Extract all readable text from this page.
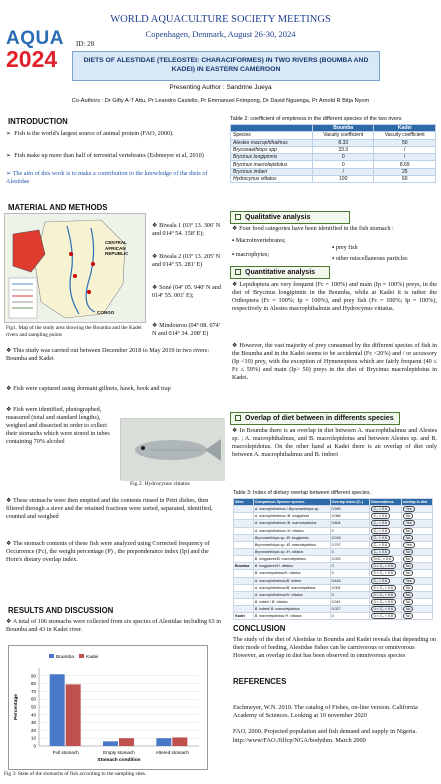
AQUA
2024
WORLD AQUACULTURE SOCIETY MEETINGS
Copenhagen, Denmark, August 26-30, 2024
ID: 28
DIETS OF ALESTIDAE (TELEOSTEI: CHARACIFORMES) IN TWO RIVERS (BOUMBA AND
KADEI) IN EASTERN CAMEROON
Presenting Author : Sandrine Jueya
Co-Authors : Dr Gifty A-T Attu, Pr Leandro Castello, Pr Emmanuel Frimpong, Dr David Nguenga, Pr Arnold R Bitja Nyom
INTRODUCTION
➢  Fish is the world's largest source of animal protein (FAO, 2000).
➢  Fish make up more than half of terrestrial vertebrates (Eshmeyer et al, 2010)
➢ The aim of this work is to make a contribution to the knowledge of the diets of Alestidae
MATERIAL AND METHODS
CENTRAL AFRICAN REPUBLIC
CONGO
❖ Biwala 1 (03º 13. 306' N and 014º 54. 158' E);
❖ Biwala 2 (03º 13. 205' N and 014º 55. 281' E)
❖ Soné (04º 05. 940' N and 014º 55. 001' E);
❖ Mindourou (04º 08. 074' N and 014º 34. 208' E)
Fig1. Map of the study area showing the Boumba and the Kadei rivers and sampling points
❖ This study was carried out between December 2018 to May 2019 in two rivers: Boumba and Kadei
❖ Fish were captured using dormant gillnets, hawk, hook and trap
❖ Fish were identified, photographed, measured (total and standard lengths), weighed and dissected in order to collect their stomachs which were stored in tubes containing 70% alcohol
Fig 2. Hydrocynus vittatus
❖ These stomachs were then emptied and the contents rinsed in Petri dishes, then filtered through a sieve and the retained fractions were sorted, separated, identified, counted and weighed
❖ The stomach contents of these fish were analyzed using Corrected frequency of Occurrence (Fc), the weight percentage (P) , the preponderance index (Ip) and the Horn's dietary overlap index.
RESULTS AND DISCUSSION
❖ A total of 106 stomachs were collected from six species of Alestidae including 63 in Boumba and 43 in Kadei river.
0
10
20
30
40
50
60
70
80
90
Full stomach	Empty stomach	Altered stomach
Stomach condition
Percentage
Boumba	Kadei
Fig 3: State of the stomachs of fish according to the sampling sites.
Table 2: coefficient of emptiness in the different species of the two rivers
	Boumba	Kadei
Species	Vacuity coefficient	Vacuity coefficient
Alestes macrophthalmus	8.33	50
Bryconaethiops spp	33.3	/
Brycinus longipinnis	0	/
Brycinus macrolepidotus	0	8.69
Brycinus imberi	/	25
Hydrocynus vittatus	100	60
Qualitative analysis
❖ Four food categories have been identified in the fish stomach :
▪ Macroinvertebrates;
▪ macrophytes;
▪ prey fish
▪ other miscellaneous particles
Quantitative analysis
❖ Lepidoptera are very frequent (Fc = 100%) and main (Ip = 100%) preys, in the diet of Brycinus longipinnis in the Boumba, while at Kadei it is rather the Orthoptera (Fc = 100%; Ip = 100%), and prey fish (Fc = 100%; Ip = 100%), respectively in Alestes macrophthalmus and Hydrocynus vittatus.
❖ However, the vast majority of prey consumed by the different species of fish in the Boumba and in the Kadei seems to be accidental (Fc <20%) and / or accessory (Ip <10) prey, with the exception of Hymenoptera which are fairly frequent (40 ≤ Fc ≤ 59%) and main (Ip> 50) preys in the diet of Brycinus macrolepidotus in Kadei.
Overlap of diet between in differents species
❖ In Boumba there is an overlap in diet between A. macrophthalmus and Alestes sp. ; A. macrophthalmus, and B. macrolepidotus and between Alestes sp. and B. macrolepidotus. On the other hand at Kadei there is an overlap of diet only between A. macrophthalmus and B. imberi
Table 3: Index of dietary overlap between different species.
Sites	Comparison Species species	Overlap index (C₀)	Observations	overlap in diet
	A. macrophthalmus / Bryconaethiops sp.	0.999	C₀ > 0.6	Yes
	A. macrophthalmus /B. longipinnis	0.066	C₀ < 0.6	No
	A. macrophthalmus /B. macrolepidotus	0.804	C₀ > 0.6	Yes
	A. macrophthalmus /H. vittatus	0	C₀ < 0.6	No
	Bryconaethiops sp. /B. longipinnis	0.018	C₀ < 0.6	No
	Bryconaethiops sp. /B. macrolepidotus	0.797	C₀ > 0.6	Yes
	Bryconaethiops sp. /H. vittatus	0	C₀ < 0.6	No
	B. longipinnis/B. macrolepidotus	0.003	0<C₀ < 0.6	No
Boumba	B. longipinnis/H. vittatus	0	0 < C₀ < 0.6	No
	B. macrolepidotus/H. vittatus	0	0 < C₀ < 0.6	No
	A. macrophthalmus/B. imberi	0.618	C₀ > 0.6	Yes
	A. macrophthalmus/B. macrolepidotus	0.002	0 < C₀ < 0.6	No
	A. macrophthalmus/H. vittatus	0	0 < C₀ < 0.6	No
	B. imberi / B. vittatus	0.041	0 < C₀ < 0.6	No
	B. imberi/ B. macrolepidotus	0.027	0 < C₀ < 0.6	No
Kadei	B. macrolepidotus/ H. vittatus	0	0 < C₀ < 0.6	No
CONCLUSION
The study of the diet of Alestidae in Boumba and Kadei reveals that depending on their mode of feeding, Alestidae fishes can be carnivorous or omnivorous However, an overlap in diet has been observed in omnivorous species
REFERENCES
Eschmeyer, W.N. 2010. The catalog of Fishes, on-line version. California Academy of Sciences. Looking at 10 november 2020
FAO, 2000. Projected population and fish demand and supply in Nigeria. http://www/FAO./filfcp/NGA/bodythm. March 2000
